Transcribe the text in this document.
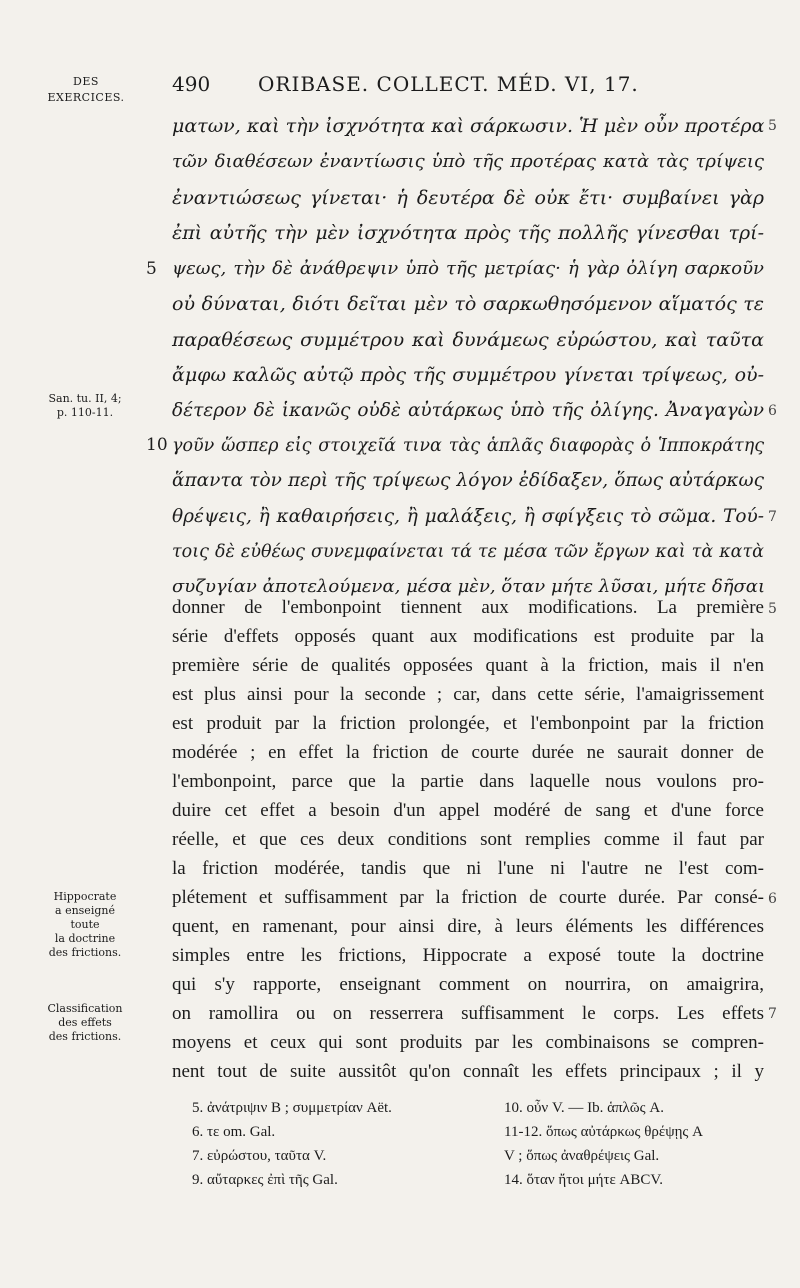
DES
EXERCICES.
490 ORIBASE. COLLECT. MÉD. VI, 17.
ματων, καὶ τὴν ἰσχνότητα καὶ σάρκωσιν. Ἡ μὲν οὖν προτέρα
τῶν διαθέσεων ἐναντίωσις ὑπὸ τῆς προτέρας κατὰ τὰς τρίψεις
ἐναντιώσεως γίνεται· ἡ δευτέρα δὲ οὐκ ἔτι· συμβαίνει γὰρ
ἐπὶ αὐτῆς τὴν μὲν ἰσχνότητα πρὸς τῆς πολλῆς γίνεσθαι τρί-
ψεως, τὴν δὲ ἀνάθρεψιν ὑπὸ τῆς μετρίας· ἡ γὰρ ὀλίγη σαρκοῦν
οὐ δύναται, διότι δεῖται μὲν τὸ σαρκωθησόμενον αἵματός τε
παραθέσεως συμμέτρου καὶ δυνάμεως εὐρώστου, καὶ ταῦτα
ἄμφω καλῶς αὐτῷ πρὸς τῆς συμμέτρου γίνεται τρίψεως, οὐ-
δέτερον δὲ ἱκανῶς οὐδὲ αὐτάρκως ὑπὸ τῆς ὀλίγης. Ἀναγαγὼν
γοῦν ὥσπερ εἰς στοιχεῖά τινα τὰς ἁπλᾶς διαφορὰς ὁ Ἱπποκράτης
ἅπαντα τὸν περὶ τῆς τρίψεως λόγον ἐδίδαξεν, ὅπως αὐτάρκως
θρέψεις, ἢ καθαιρήσεις, ἢ μαλάξεις, ἢ σφίγξεις τὸ σῶμα. Τού-
τοις δὲ εὐθέως συνεμφαίνεται τά τε μέσα τῶν ἔργων καὶ τὰ κατὰ
συζυγίαν ἀποτελούμενα, μέσα μὲν, ὅταν μήτε λῦσαι, μήτε δῆσαι
5
10
5
6
7
San. tu. II, 4;
p. 110-11.
Hippocrate
a enseigné
toute
la doctrine
des frictions.
Classification
des effets
des frictions.
donner de l'embonpoint tiennent aux modifications. La première
série d'effets opposés quant aux modifications est produite par la
première série de qualités opposées quant à la friction, mais il n'en
est plus ainsi pour la seconde ; car, dans cette série, l'amaigrissement
est produit par la friction prolongée, et l'embonpoint par la friction
modérée ; en effet la friction de courte durée ne saurait donner de
l'embonpoint, parce que la partie dans laquelle nous voulons pro-
duire cet effet a besoin d'un appel modéré de sang et d'une force
réelle, et que ces deux conditions sont remplies comme il faut par
la friction modérée, tandis que ni l'une ni l'autre ne l'est com-
plétement et suffisamment par la friction de courte durée. Par consé-
quent, en ramenant, pour ainsi dire, à leurs éléments les différences
simples entre les frictions, Hippocrate a exposé toute la doctrine
qui s'y rapporte, enseignant comment on nourrira, on amaigrira,
on ramollira ou on resserrera suffisamment le corps. Les effets
moyens et ceux qui sont produits par les combinaisons se compren-
nent tout de suite aussitôt qu'on connaît les effets principaux ; il y
5
6
7
5. ἀνάτριψιν B ; συμμετρίαν Aët.
6. τε om. Gal.
7. εὐρώστου, ταῦτα V.
9. αὔταρκες ἐπὶ τῆς Gal.
10. οὖν V. — Ib. ἁπλῶς A.
11-12. ὅπως αὐτάρκως θρέψῃς A
V ; ὅπως ἀναθρέψεις Gal.
14. ὅταν ἤτοι μήτε ABCV.
